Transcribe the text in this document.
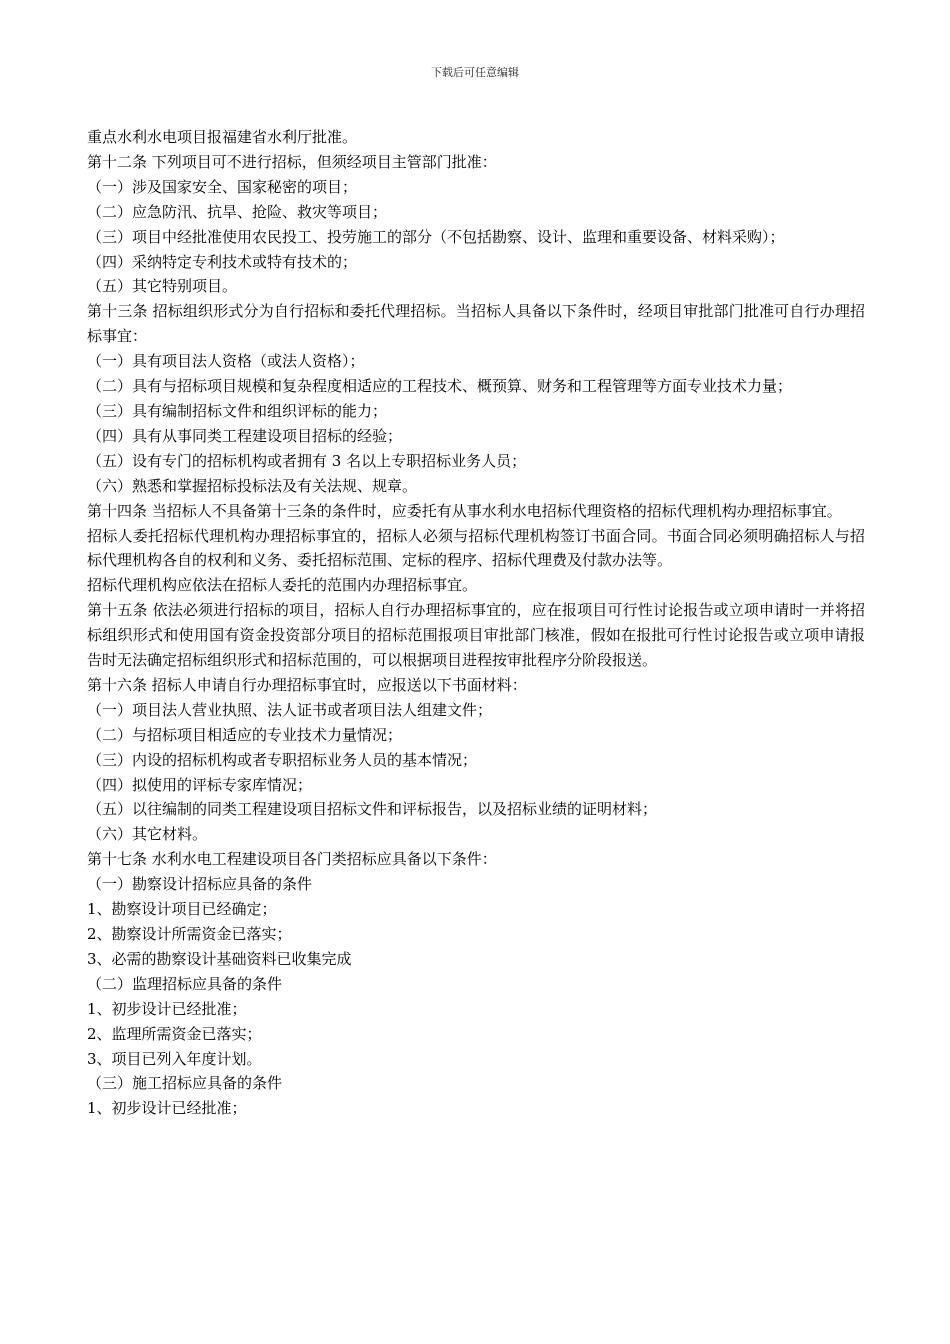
下载后可任意编辑

重点水利水电项目报福建省水利厅批准。

第十二条 下列项目可不进行招标，但须经项目主管部门批准：

（一）涉及国家安全、国家秘密的项目；

（二）应急防汛、抗旱、抢险、救灾等项目；

（三）项目中经批准使用农民投工、投劳施工的部分（不包括勘察、设计、监理和重要设备、材料采购）；

（四）采纳特定专利技术或特有技术的；

（五）其它特别项目。

第十三条 招标组织形式分为自行招标和委托代理招标。当招标人具备以下条件时，经项目审批部门批准可自行办理招标事宜：

（一）具有项目法人资格（或法人资格）；

（二）具有与招标项目规模和复杂程度相适应的工程技术、概预算、财务和工程管理等方面专业技术力量；

（三）具有编制招标文件和组织评标的能力；

（四）具有从事同类工程建设项目招标的经验；

（五）设有专门的招标机构或者拥有 3 名以上专职招标业务人员；

（六）熟悉和掌握招标投标法及有关法规、规章。

第十四条 当招标人不具备第十三条的条件时，应委托有从事水利水电招标代理资格的招标代理机构办理招标事宜。

招标人委托招标代理机构办理招标事宜的，招标人必须与招标代理机构签订书面合同。书面合同必须明确招标人与招标代理机构各自的权利和义务、委托招标范围、定标的程序、招标代理费及付款办法等。

招标代理机构应依法在招标人委托的范围内办理招标事宜。

第十五条 依法必须进行招标的项目，招标人自行办理招标事宜的，应在报项目可行性讨论报告或立项申请时一并将招标组织形式和使用国有资金投资部分项目的招标范围报项目审批部门核准，假如在报批可行性讨论报告或立项申请报告时无法确定招标组织形式和招标范围的，可以根据项目进程按审批程序分阶段报送。

第十六条 招标人申请自行办理招标事宜时，应报送以下书面材料：

（一）项目法人营业执照、法人证书或者项目法人组建文件；

（二）与招标项目相适应的专业技术力量情况；

（三）内设的招标机构或者专职招标业务人员的基本情况；

（四）拟使用的评标专家库情况；

（五）以往编制的同类工程建设项目招标文件和评标报告，以及招标业绩的证明材料；

（六）其它材料。

第十七条 水利水电工程建设项目各门类招标应具备以下条件：

（一）勘察设计招标应具备的条件

1、勘察设计项目已经确定；

2、勘察设计所需资金已落实；

3、必需的勘察设计基础资料已收集完成

（二）监理招标应具备的条件

1、初步设计已经批准；

2、监理所需资金已落实；

3、项目已列入年度计划。

（三）施工招标应具备的条件

1、初步设计已经批准；
